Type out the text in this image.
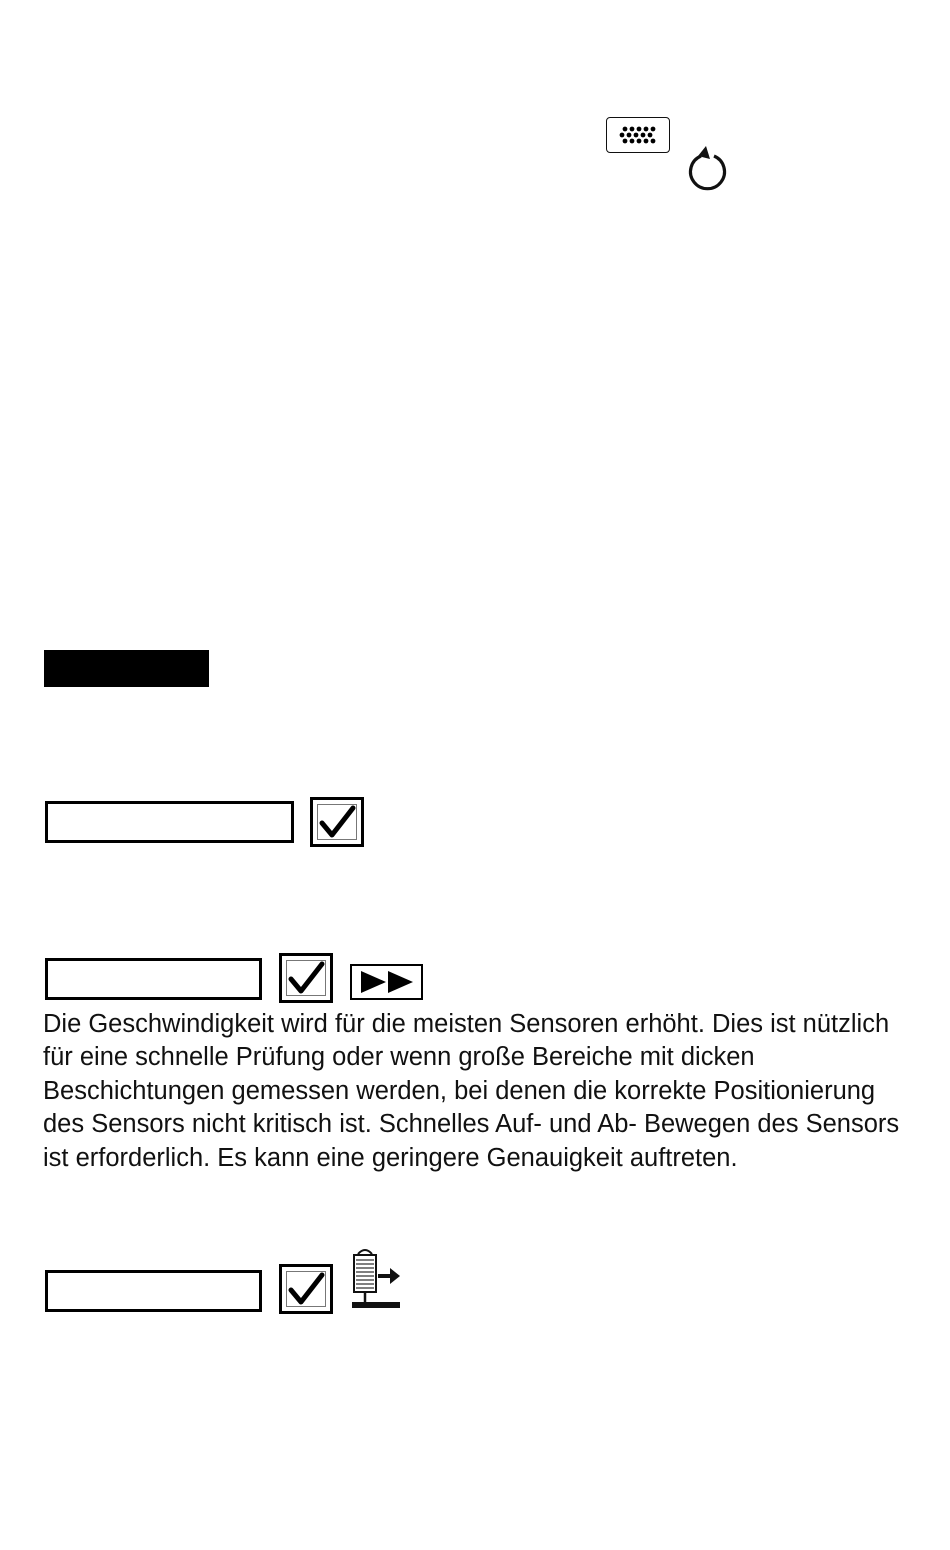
Die Geschwindigkeit wird für die meisten Sensoren erhöht. Dies ist nützlich für eine schnelle Prüfung oder wenn große Bereiche mit dicken Beschichtungen gemessen werden, bei denen die korrekte Positionierung des Sensors nicht kritisch ist. Schnelles Auf- und Ab- Bewegen des Sensors ist erforderlich. Es kann eine geringere Genauigkeit auftreten.
